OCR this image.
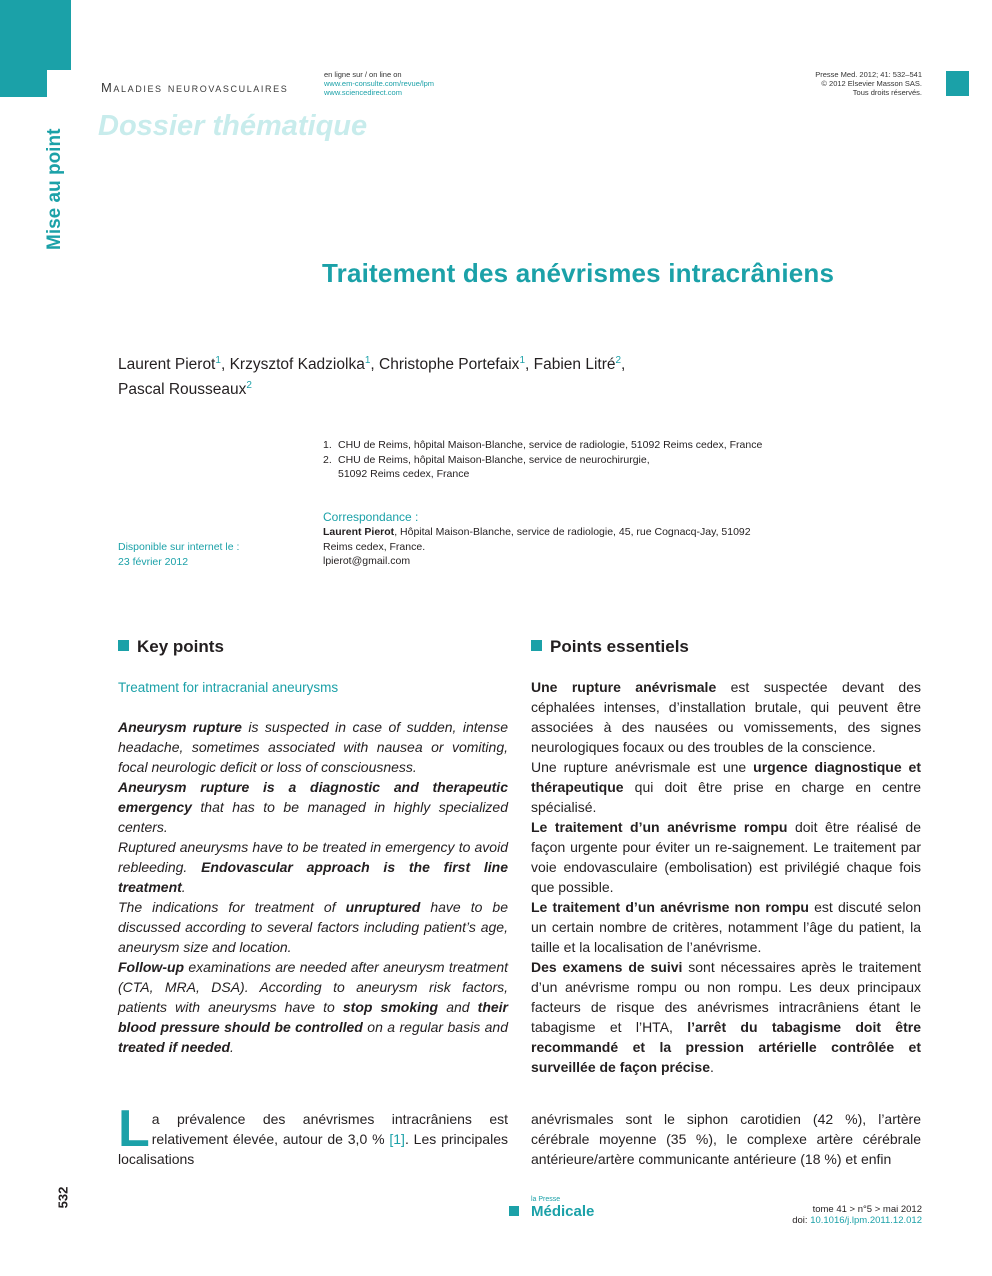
Maladies neurovasculaires
en ligne sur / on line on
www.em-consulte.com/revue/lpm
www.sciencedirect.com
Presse Med. 2012; 41: 532–541
© 2012 Elsevier Masson SAS.
Tous droits réservés.
Dossier thématique
Mise au point
Traitement des anévrismes intracrâniens
Laurent Pierot$^1$, Krzysztof Kadziolka$^1$, Christophe Portefaix$^1$, Fabien Litré$^2$,
Pascal Rousseaux$^2$
1. CHU de Reims, hôpital Maison-Blanche, service de radiologie, 51092 Reims cedex, France
2. CHU de Reims, hôpital Maison-Blanche, service de neurochirurgie, 51092 Reims cedex, France
Correspondance :
Laurent Pierot, Hôpital Maison-Blanche, service de radiologie, 45, rue Cognacq-Jay, 51092 Reims cedex, France.
lpierot@gmail.com
Disponible sur internet le :
23 février 2012
Key points	Points essentiels
Treatment for intracranial aneurysms

Aneurysm rupture is suspected in case of sudden, intense headache, sometimes associated with nausea or vomiting, focal neurologic deficit or loss of consciousness.

Aneurysm rupture is a diagnostic and therapeutic emergency that has to be managed in highly specialized centers.

Ruptured aneurysms have to be treated in emergency to avoid rebleeding. Endovascular approach is the first line treatment.

The indications for treatment of unruptured have to be discussed according to several factors including patient’s age, aneurysm size and location.

Follow-up examinations are needed after aneurysm treatment (CTA, MRA, DSA). According to aneurysm risk factors, patients with aneurysms have to stop smoking and their blood pressure should be controlled on a regular basis and treated if needed.

Une rupture anévrismale est suspectée devant des céphalées intenses, d’installation brutale, qui peuvent être associées à des nausées ou vomissements, des signes neurologiques focaux ou des troubles de la conscience.

Une rupture anévrismale est une urgence diagnostique et thérapeutique qui doit être prise en charge en centre spécialisé.

Le traitement d’un anévrisme rompu doit être réalisé de façon urgente pour éviter un re-saignement. Le traitement par voie endovasculaire (embolisation) est privilégié chaque fois que possible.

Le traitement d’un anévrisme non rompu est discuté selon un certain nombre de critères, notamment l’âge du patient, la taille et la localisation de l’anévrisme.

Des examens de suivi sont nécessaires après le traitement d’un anévrisme rompu ou non rompu. Les deux principaux facteurs de risque des anévrismes intracrâniens étant le tabagisme et l’HTA, l’arrêt du tabagisme doit être recommandé et la pression artérielle contrôlée et surveillée de façon précise.

La prévalence des anévrismes intracrâniens est relativement élevée, autour de 3,0 % [1]. Les principales localisations
anévrismales sont le siphon carotidien (42 %), l’artère cérébrale moyenne (35 %), le complexe artère cérébrale antérieure/artère communicante antérieure (18 %) et enfin
532	la Presse
Médicale	tome 41 > n°5 > mai 2012
doi: 10.1016/j.lpm.2011.12.012
